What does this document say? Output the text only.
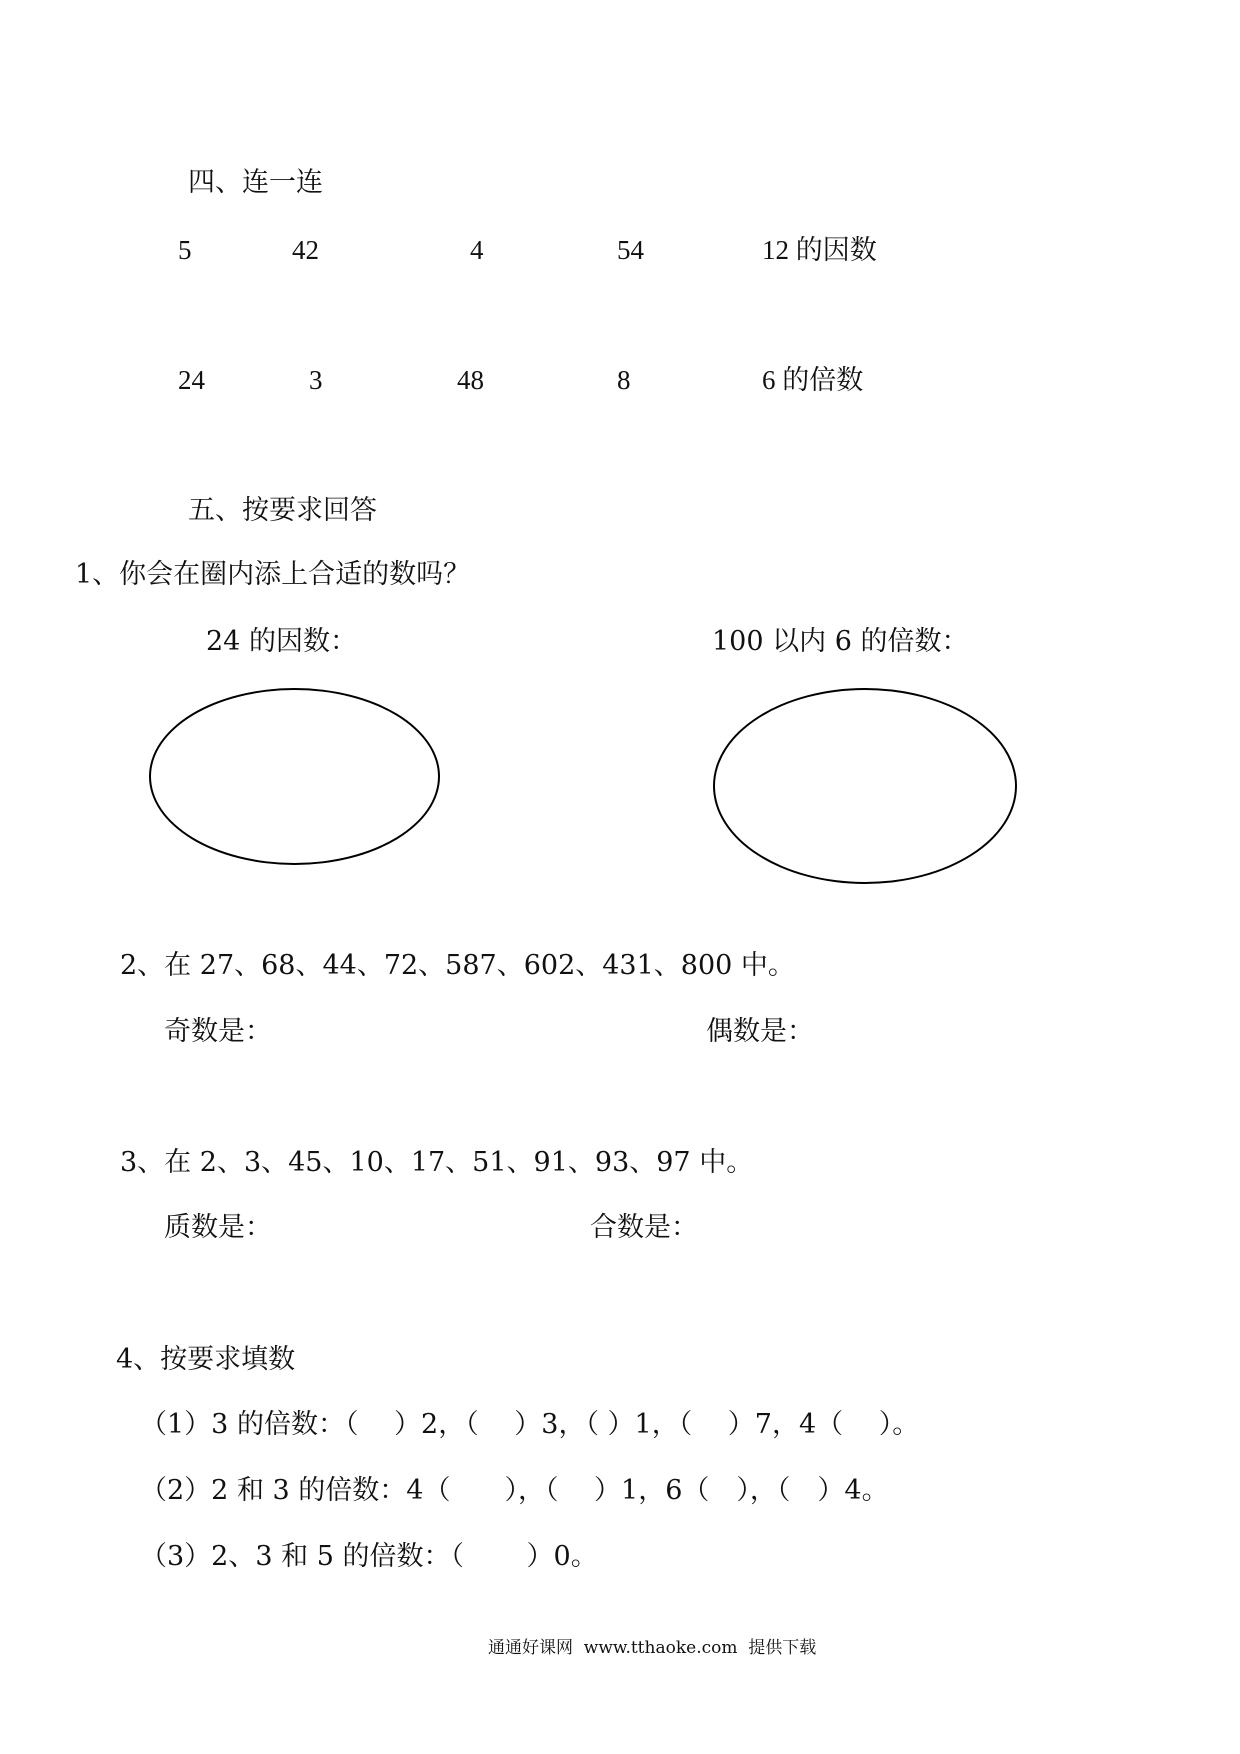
四、连一连
5	42	4	54	12 的因数
24	3	48	8	6 的倍数
五、按要求回答
1、你会在圈内添上合适的数吗？
24 的因数：	100 以内 6 的倍数：
2、在 27、68、44、72、587、602、431、800 中。
奇数是：	偶数是：
3、在 2、3、45、10、17、51、91、93、97 中。
质数是：	合数是：
4、按要求填数
（1）3 的倍数：（　 ）2，（　 ）3，（ ）1，（　 ）7，4（　 ）。
（2）2 和 3 的倍数：4（　　），（　 ）1，6（　），（　）4。
（3）2、3 和 5 的倍数：（　　 ）0。
通通好课网  www.tthaoke.com  提供下载
